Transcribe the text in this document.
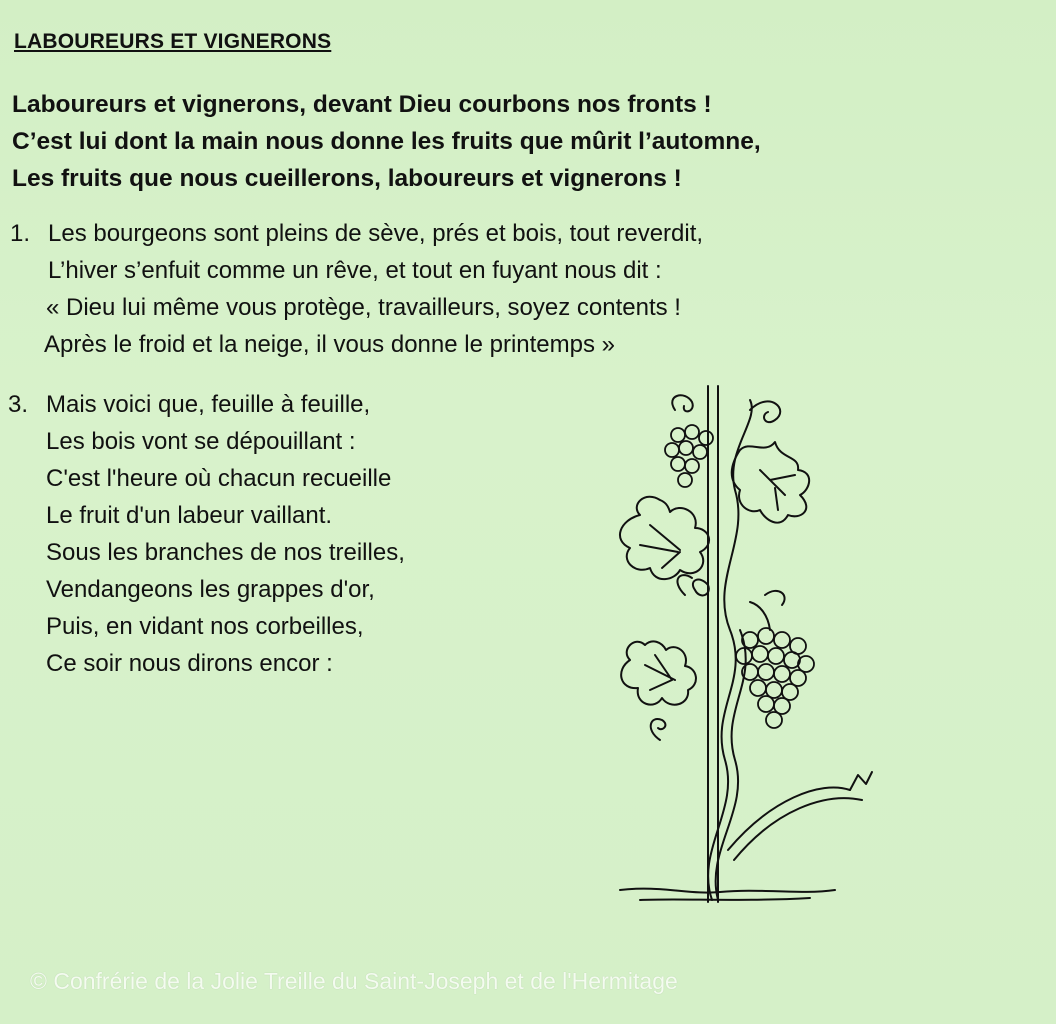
LABOUREURS ET VIGNERONS
Laboureurs et vignerons, devant Dieu courbons nos fronts !
C’est lui dont la main nous donne les fruits que mûrit l’automne,
Les fruits que nous cueillerons, laboureurs et vignerons !
1. Les bourgeons sont pleins de sève, prés et bois, tout reverdit,
L’hiver s’enfuit comme un rêve, et tout en fuyant nous dit :
« Dieu lui même vous protège, travailleurs, soyez contents !
Après le froid et la neige, il vous donne le printemps »
3. Mais voici que, feuille à feuille,
Les bois vont se dépouillant :
C'est l'heure où chacun recueille
Le fruit d'un labeur vaillant.
Sous les branches de nos treilles,
Vendangeons les grappes d'or,
Puis, en vidant nos corbeilles,
Ce soir nous dirons encor :
© Confrérie de la Jolie Treille du Saint-Joseph et de l'Hermitage
